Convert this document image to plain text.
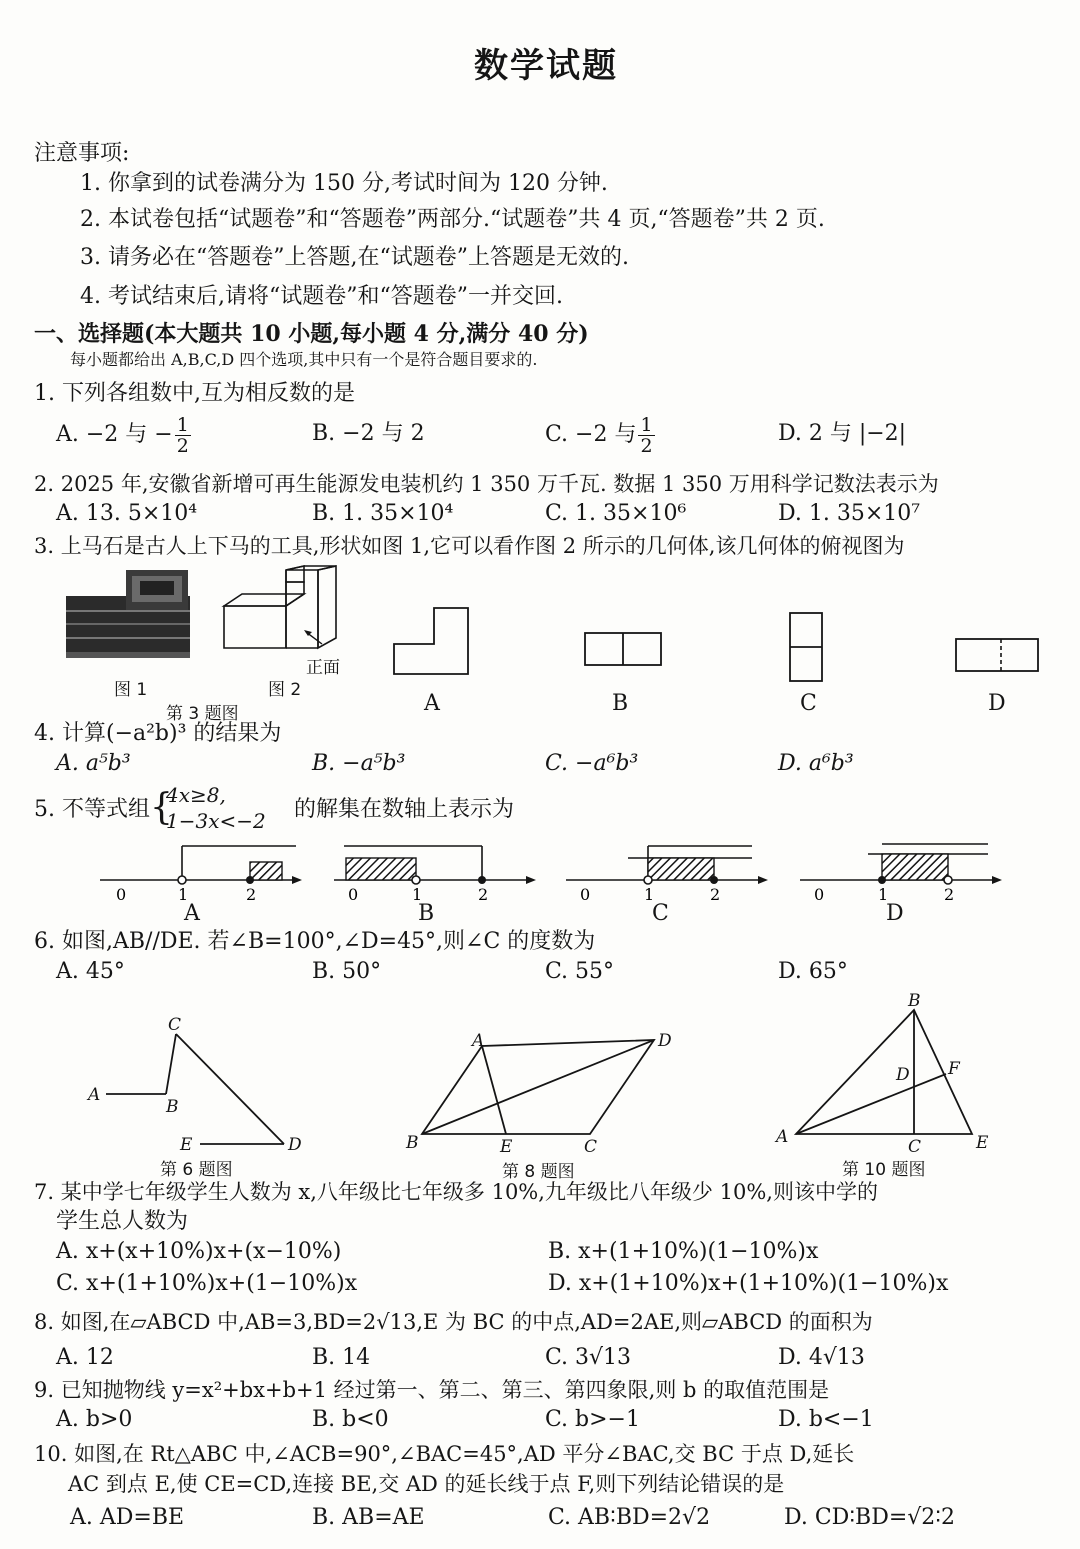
数学试题
注意事项:
1. 你拿到的试卷满分为 150 分,考试时间为 120 分钟.
2. 本试卷包括“试题卷”和“答题卷”两部分.“试题卷”共 4 页,“答题卷”共 2 页.
3. 请务必在“答题卷”上答题,在“试题卷”上答题是无效的.
4. 考试结束后,请将“试题卷”和“答题卷”一并交回.
一、选择题(本大题共 10 小题,每小题 4 分,满分 40 分)
每小题都给出 A,B,C,D 四个选项,其中只有一个是符合题目要求的.
1. 下列各组数中,互为相反数的是
A. −2 与 − $\frac{1}{2}$	B. −2 与 2	C. −2 与 $\frac{1}{2}$	D. 2 与 |−2|
2. 2025 年,安徽省新增可再生能源发电装机约 1 350 万千瓦. 数据 1 350 万用科学记数法表示为
A. 13. 5×10⁴	B. 1. 35×10⁴	C. 1. 35×10⁶	D. 1. 35×10⁷
3. 上马石是古人上下马的工具,形状如图 1,它可以看作图 2 所示的几何体,该几何体的俯视图为
图 1
正面
图 2
第 3 题图	A	B	C	D
4. 计算(−a²b)³ 的结果为
A. a⁵b³	B. −a⁵b³	C. −a⁶b³	D. a⁶b³
5. 不等式组 {
4x≥8,
1−3x<−2 的解集在数轴上表示为
0	1	2	0	1	2	0	1	2	0	1	2
A	B	C	D
6. 如图,AB//DE. 若∠B=100°,∠D=45°,则∠C 的度数为
A. 45°	B. 50°	C. 55°	D. 65°
A
B
C
D
E
第 6 题图
A
B	C
D
E
第 8 题图
A
B
C
D
E
F
第 10 题图
7. 某中学七年级学生人数为 x,八年级比七年级多 10%,九年级比八年级少 10%,则该中学的
学生总人数为
A. x+(x+10%)x+(x−10%)	B. x+(1+10%)(1−10%)x
C. x+(1+10%)x+(1−10%)x	D. x+(1+10%)x+(1+10%)(1−10%)x
8. 如图,在▱ABCD 中,AB=3,BD=2√13,E 为 BC 的中点,AD=2AE,则▱ABCD 的面积为
A. 12	B. 14	C. 3√13	D. 4√13
9. 已知抛物线 y=x²+bx+b+1 经过第一、第二、第三、第四象限,则 b 的取值范围是
A. b>0	B. b<0	C. b>−1	D. b<−1
10. 如图,在 Rt△ABC 中,∠ACB=90°,∠BAC=45°,AD 平分∠BAC,交 BC 于点 D,延长
AC 到点 E,使 CE=CD,连接 BE,交 AD 的延长线于点 F,则下列结论错误的是
A. AD=BE	B. AB=AE	C. AB∶BD=2√2	D. CD∶BD=√2∶2
